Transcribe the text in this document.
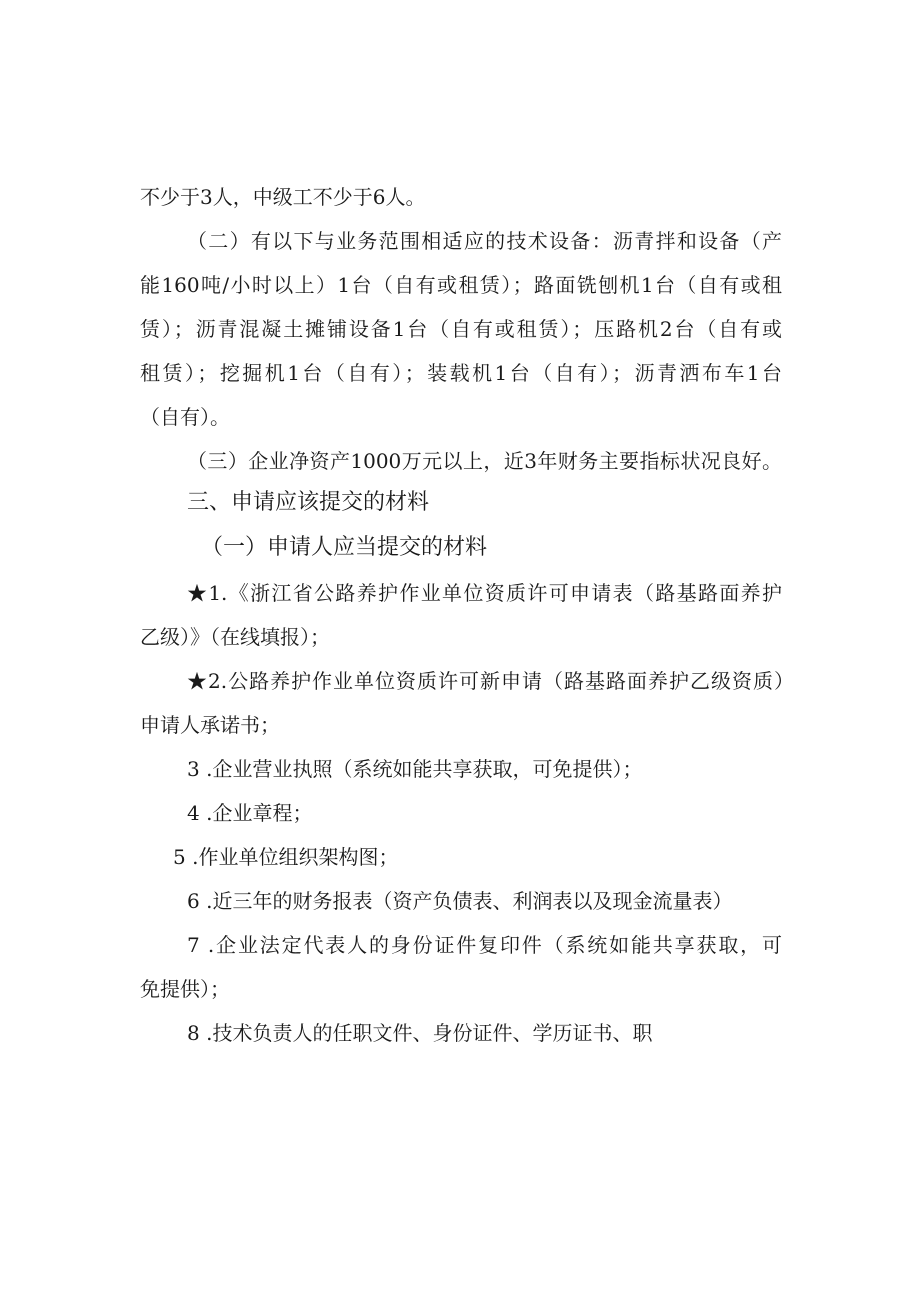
不少于3人，中级工不少于6人。
（二）有以下与业务范围相适应的技术设备：沥青拌和设备（产
能160吨/小时以上）1台（自有或租赁）；路面铣刨机1台（自有或租
赁）；沥青混凝土摊铺设备1台（自有或租赁）；压路机2台（自有或
租赁）；挖掘机1台（自有）；装载机1台（自有）；沥青洒布车1台
（自有）。
（三）企业净资产1000万元以上，近3年财务主要指标状况良好。
三、申请应该提交的材料
（一）申请人应当提交的材料
★1.《浙江省公路养护作业单位资质许可申请表（路基路面养护
乙级）》（在线填报）；
★2.公路养护作业单位资质许可新申请（路基路面养护乙级资质）
申请人承诺书；
3 .企业营业执照（系统如能共享获取，可免提供）；
4 .企业章程；
5 .作业单位组织架构图；
6 .近三年的财务报表（资产负债表、利润表以及现金流量表）
7 .企业法定代表人的身份证件复印件（系统如能共享获取，可
免提供）；
8 .技术负责人的任职文件、身份证件、学历证书、职
